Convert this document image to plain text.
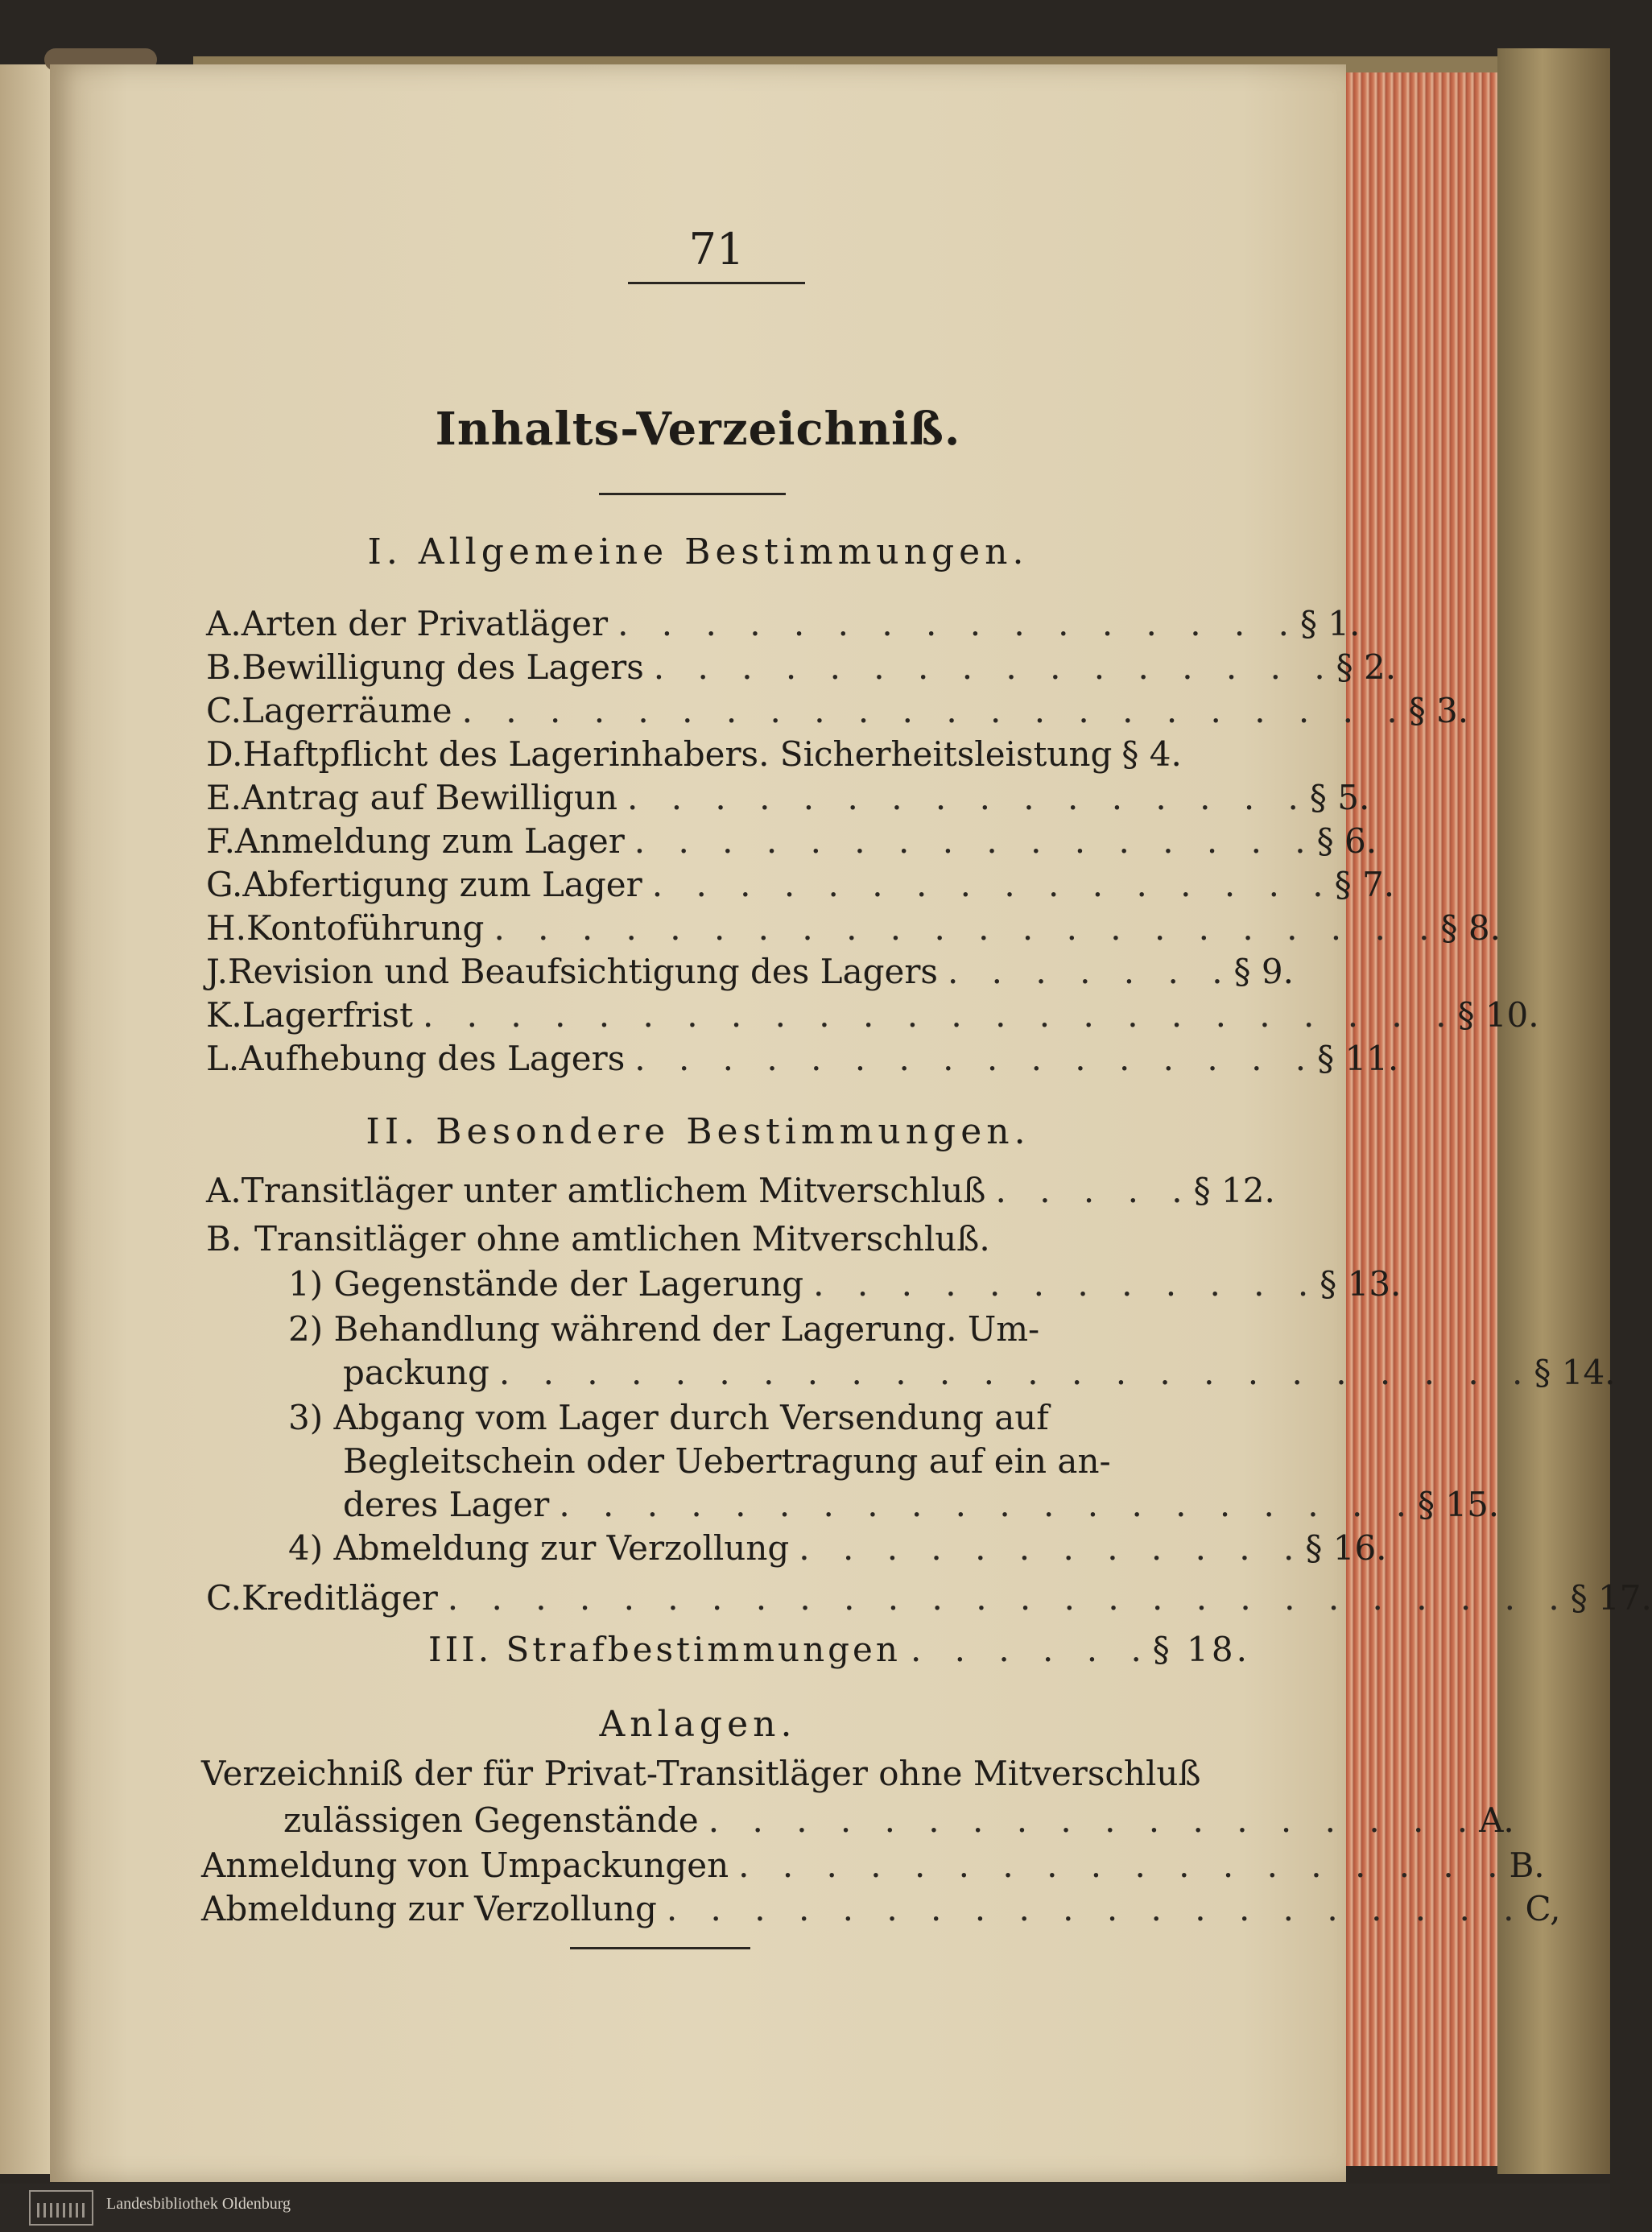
71
Inhalts-Verzeichniß.
I. Allgemeine Bestimmungen.
A. Arten der Privatläger . . . . . . . . . . . . . . . . § 1.
B. Bewilligung des Lagers . . . . . . . . . . . . . . . . § 2.
C. Lagerräume . . . . . . . . . . . . . . . . . . . . . . § 3.
D. Haftpflicht des Lagerinhabers. Sicherheitsleistung § 4.
E. Antrag auf Bewilligun . . . . . . . . . . . . . . . . § 5.
F. Anmeldung zum Lager . . . . . . . . . . . . . . . . § 6.
G. Abfertigung zum Lager . . . . . . . . . . . . . . . . § 7.
H. Kontoführung . . . . . . . . . . . . . . . . . . . . . . § 8.
J. Revision und Beaufsichtigung des Lagers . . . . . . . § 9.
K. Lagerfrist . . . . . . . . . . . . . . . . . . . . . . . . § 10.
L. Aufhebung des Lagers . . . . . . . . . . . . . . . . § 11.
II. Besondere Bestimmungen.
A. Transitläger unter amtlichem Mitverschluß . . . . . § 12.
B. Transitläger ohne amtlichen Mitverschluß.
1) Gegenstände der Lagerung . . . . . . . . . . . . § 13.
2) Behandlung während der Lagerung. Um-
packung . . . . . . . . . . . . . . . . . . . . . . . . § 14.
3) Abgang vom Lager durch Versendung auf
Begleitschein oder Uebertragung auf ein an-
deres Lager . . . . . . . . . . . . . . . . . . . . § 15.
4) Abmeldung zur Verzollung . . . . . . . . . . . . § 16.
C. Kreditläger . . . . . . . . . . . . . . . . . . . . . . . . . . § 17.
III. Strafbestimmungen . . . . . . § 18.
Anlagen.
Verzeichniß der für Privat-Transitläger ohne Mitverschluß
zulässigen Gegenstände . . . . . . . . . . . . . . . . . . A.
Anmeldung von Umpackungen . . . . . . . . . . . . . . . . . . B.
Abmeldung zur Verzollung . . . . . . . . . . . . . . . . . . . . C,
Landesbibliothek Oldenburg
